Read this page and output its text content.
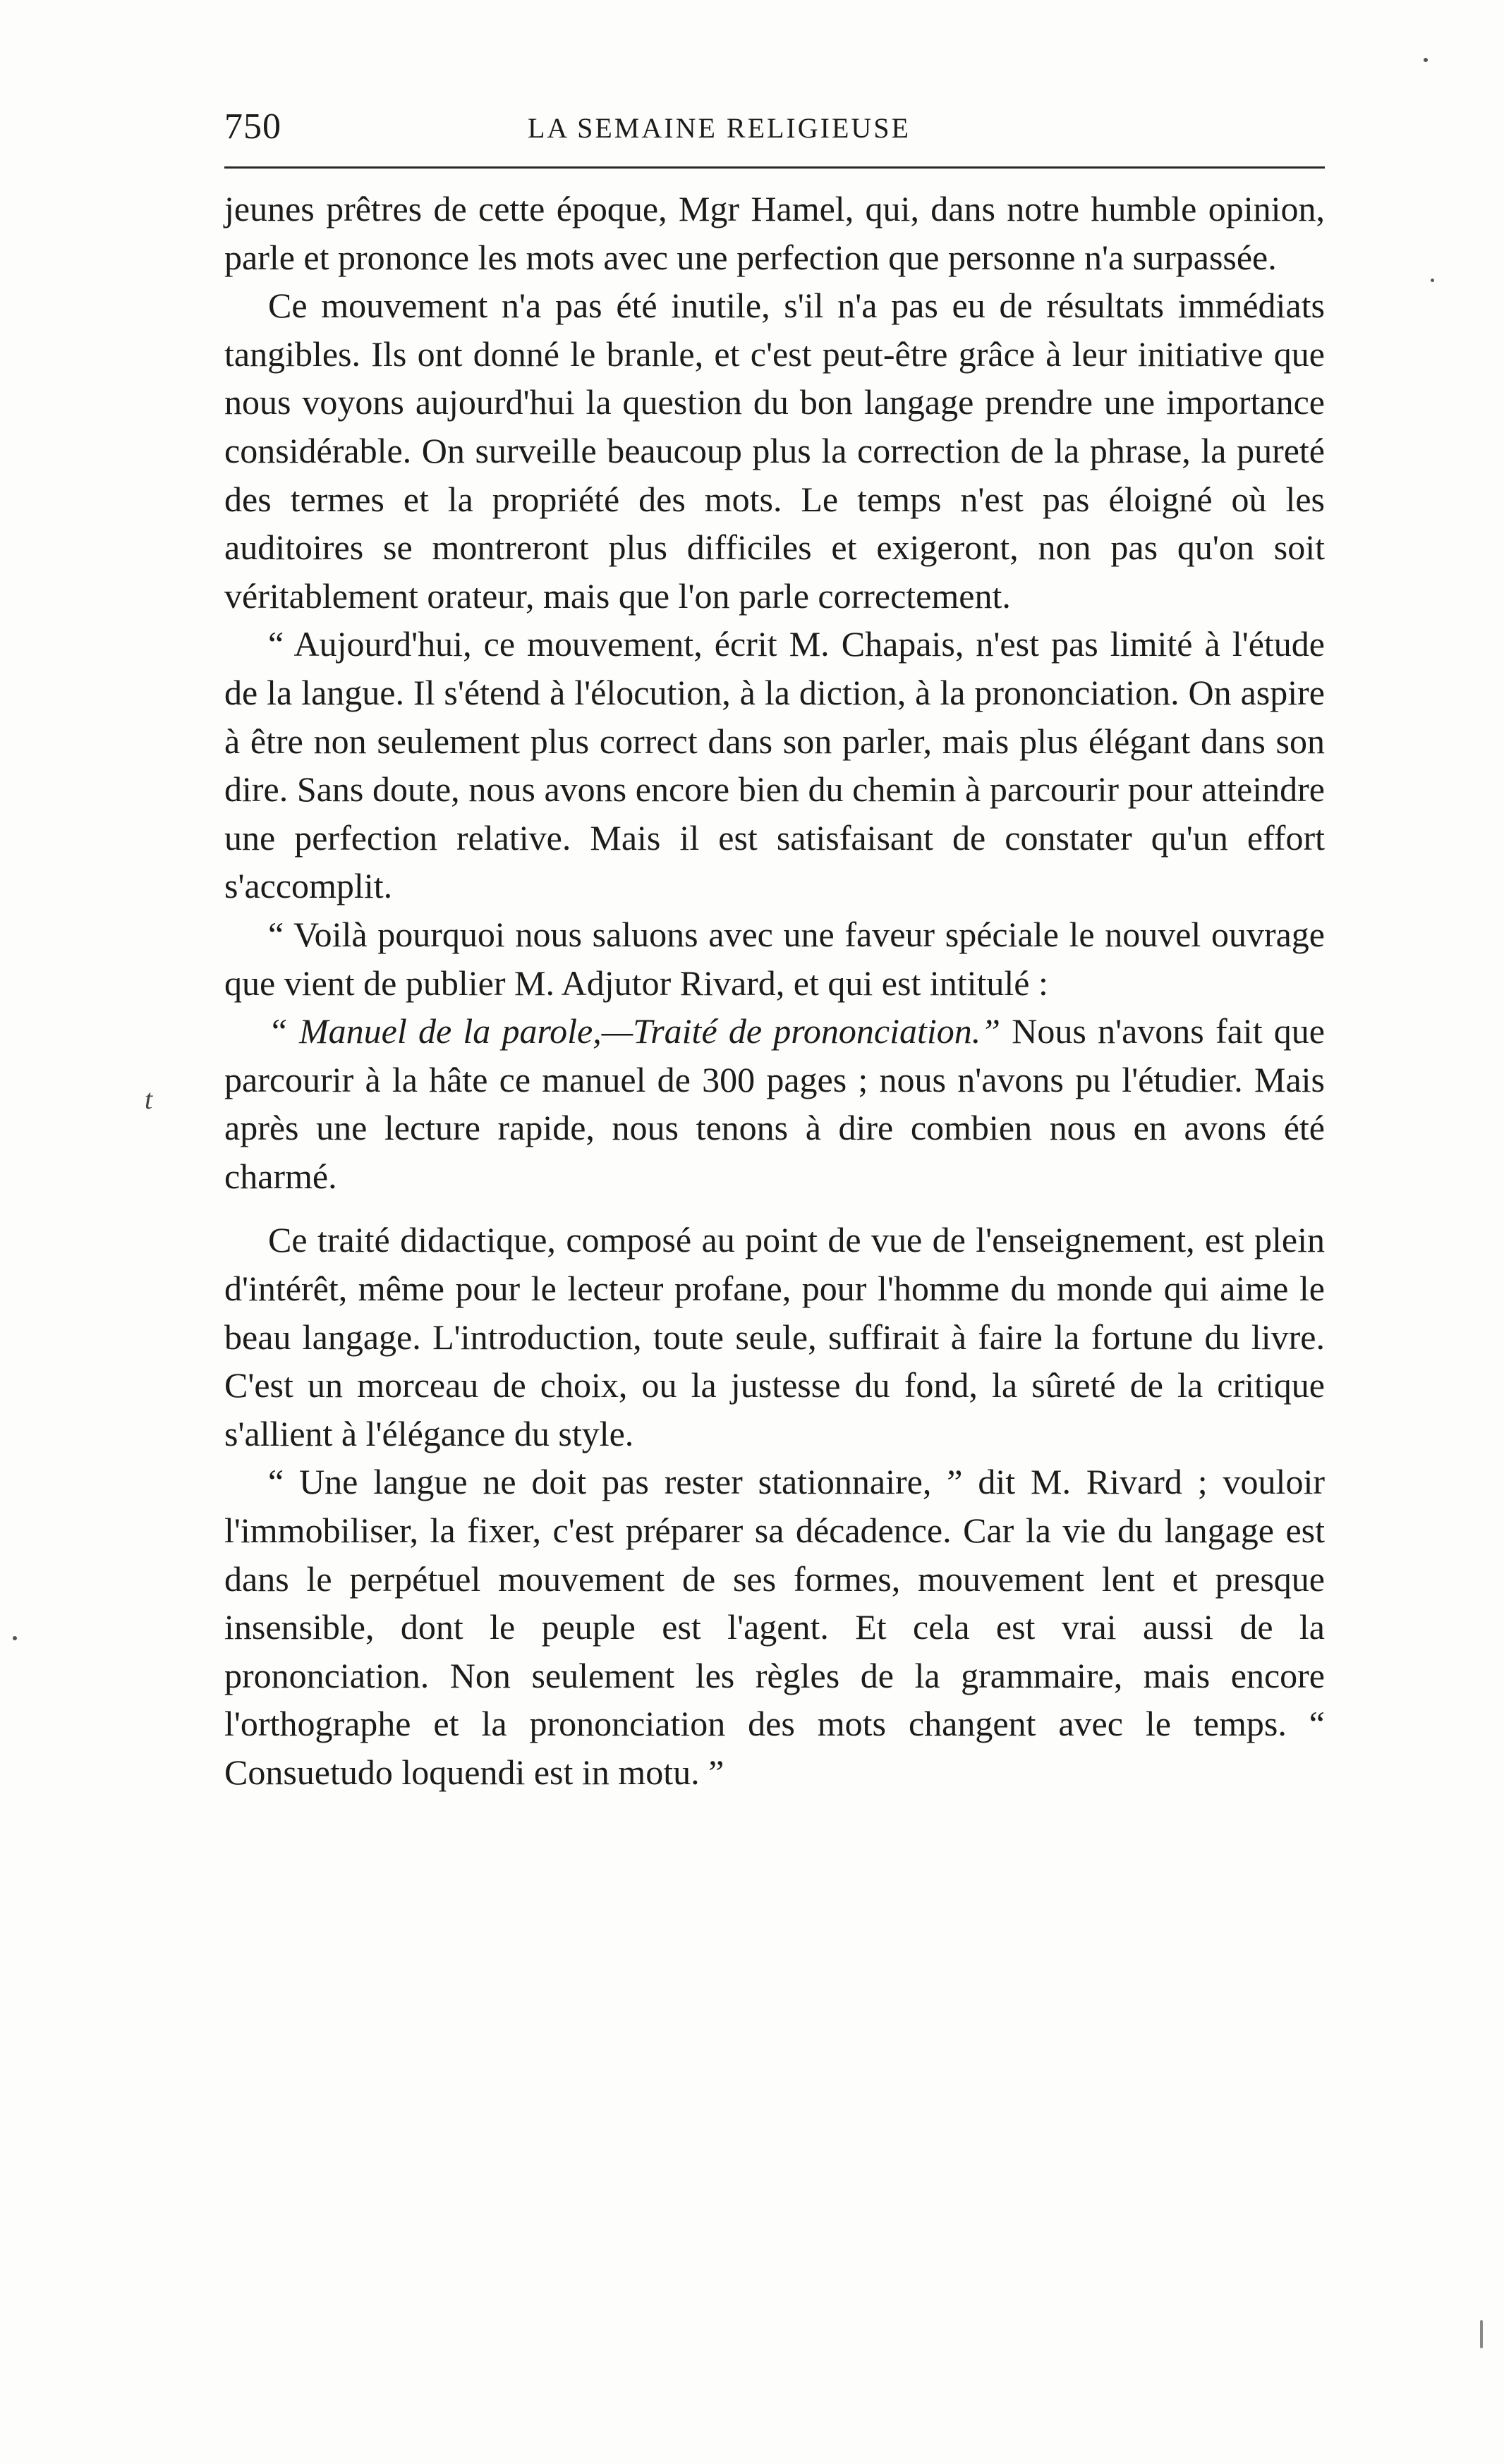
750	LA SEMAINE RELIGIEUSE
t

jeunes prêtres de cette époque, Mgr Hamel, qui, dans notre humble opinion, parle et prononce les mots avec une perfection que personne n'a surpassée.

Ce mouvement n'a pas été inutile, s'il n'a pas eu de résultats immédiats tangibles. Ils ont donné le branle, et c'est peut-être grâce à leur initiative que nous voyons aujourd'hui la question du bon langage prendre une importance considérable. On surveille beaucoup plus la correction de la phrase, la pureté des termes et la propriété des mots. Le temps n'est pas éloigné où les auditoires se montreront plus difficiles et exigeront, non pas qu'on soit véritablement orateur, mais que l'on parle correctement.

“ Aujourd'hui, ce mouvement, écrit M. Chapais, n'est pas limité à l'étude de la langue. Il s'étend à l'élocution, à la diction, à la prononciation. On aspire à être non seulement plus correct dans son parler, mais plus élégant dans son dire. Sans doute, nous avons encore bien du chemin à parcourir pour atteindre une perfection relative. Mais il est satisfaisant de constater qu'un effort s'accomplit.

“ Voilà pourquoi nous saluons avec une faveur spéciale le nouvel ouvrage que vient de publier M. Adjutor Rivard, et qui est intitulé :

“ Manuel de la parole,—Traité de prononciation.” Nous n'avons fait que parcourir à la hâte ce manuel de 300 pages ; nous n'avons pu l'étudier. Mais après une lecture rapide, nous tenons à dire combien nous en avons été charmé.

Ce traité didactique, composé au point de vue de l'enseignement, est plein d'intérêt, même pour le lecteur profane, pour l'homme du monde qui aime le beau langage. L'introduction, toute seule, suffirait à faire la fortune du livre. C'est un morceau de choix, ou la justesse du fond, la sûreté de la critique s'allient à l'élégance du style.

“ Une langue ne doit pas rester stationnaire, ” dit M. Rivard ; vouloir l'immobiliser, la fixer, c'est préparer sa décadence. Car la vie du langage est dans le perpétuel mouvement de ses formes, mouvement lent et presque insensible, dont le peuple est l'agent. Et cela est vrai aussi de la prononciation. Non seulement les règles de la grammaire, mais encore l'orthographe et la prononciation des mots changent avec le temps. “ Consuetudo loquendi est in motu. ”
